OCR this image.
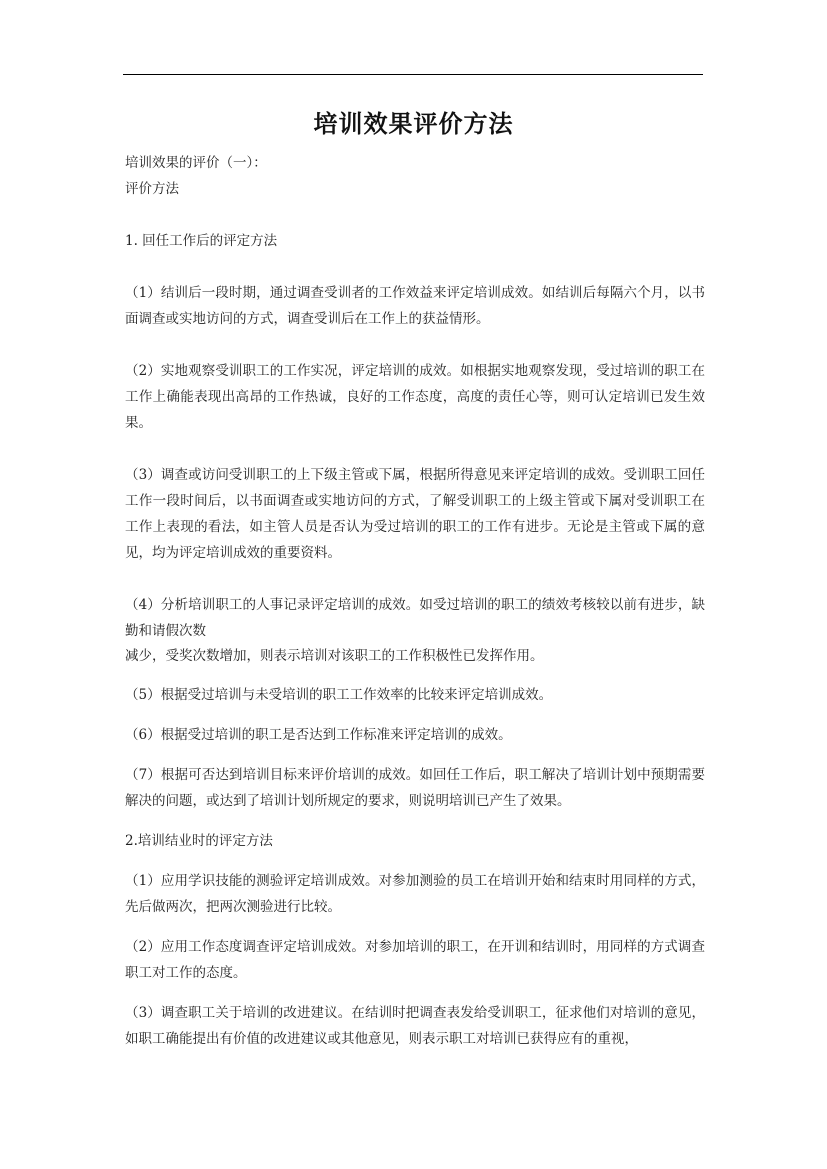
培训效果评价方法

培训效果的评价（一）：

评价方法

1. 回任工作后的评定方法

（1）结训后一段时期，通过调查受训者的工作效益来评定培训成效。如结训后每隔六个月，以书面调查或实地访问的方式，调查受训后在工作上的获益情形。

（2）实地观察受训职工的工作实况，评定培训的成效。如根据实地观察发现，受过培训的职工在工作上确能表现出高昂的工作热诚，良好的工作态度，高度的责任心等，则可认定培训已发生效果。

（3）调查或访问受训职工的上下级主管或下属，根据所得意见来评定培训的成效。受训职工回任工作一段时间后，以书面调查或实地访问的方式，了解受训职工的上级主管或下属对受训职工在工作上表现的看法，如主管人员是否认为受过培训的职工的工作有进步。无论是主管或下属的意见，均为评定培训成效的重要资料。

（4）分析培训职工的人事记录评定培训的成效。如受过培训的职工的绩效考核较以前有进步，缺勤和请假次数

减少，受奖次数增加，则表示培训对该职工的工作积极性已发挥作用。

（5）根据受过培训与未受培训的职工工作效率的比较来评定培训成效。

（6）根据受过培训的职工是否达到工作标准来评定培训的成效。

（7）根据可否达到培训目标来评价培训的成效。如回任工作后，职工解决了培训计划中预期需要解决的问题，或达到了培训计划所规定的要求，则说明培训已产生了效果。

2.培训结业时的评定方法

（1）应用学识技能的测验评定培训成效。对参加测验的员工在培训开始和结束时用同样的方式，先后做两次，把两次测验进行比较。

（2）应用工作态度调查评定培训成效。对参加培训的职工，在开训和结训时，用同样的方式调查职工对工作的态度。

（3）调查职工关于培训的改进建议。在结训时把调查表发给受训职工，征求他们对培训的意见，如职工确能提出有价值的改进建议或其他意见，则表示职工对培训已获得应有的重视，
